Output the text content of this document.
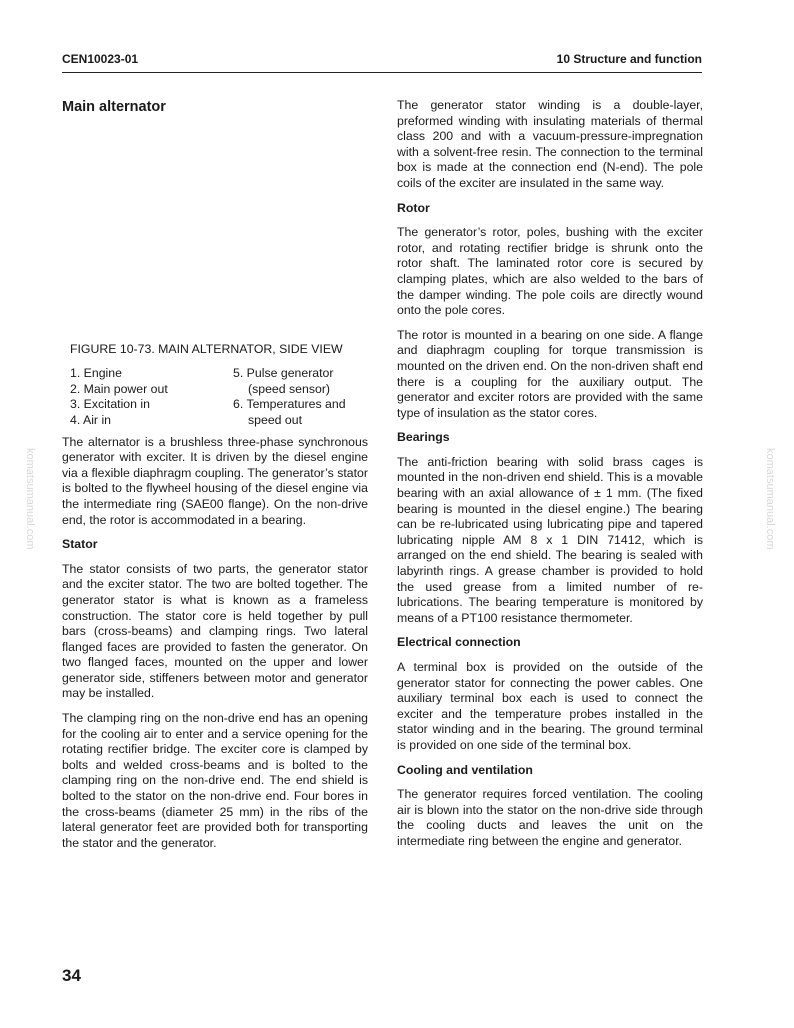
CEN10023-01	10 Structure and function
komatsumanual.com	komatsumanual.com
Main alternator
FIGURE 10-73. MAIN ALTERNATOR, SIDE VIEW
1. Engine	5. Pulse generator
2. Main power out	(speed sensor)
3. Excitation in	6. Temperatures and
4. Air in	speed out

The alternator is a brushless three-phase synchronous generator with exciter. It is driven by the diesel engine via a flexible diaphragm coupling. The generator’s stator is bolted to the flywheel housing of the diesel engine via the intermediate ring (SAE00 flange). On the non-drive end, the rotor is accommodated in a bearing.

Stator

The stator consists of two parts, the generator stator and the exciter stator. The two are bolted together. The generator stator is what is known as a frameless construction. The stator core is held together by pull bars (cross-beams) and clamping rings. Two lateral flanged faces are provided to fasten the generator. On two flanged faces, mounted on the upper and lower generator side, stiffeners between motor and generator may be installed.

The clamping ring on the non-drive end has an opening for the cooling air to enter and a service opening for the rotating rectifier bridge. The exciter core is clamped by bolts and welded cross-beams and is bolted to the clamping ring on the non-drive end. The end shield is bolted to the stator on the non-drive end. Four bores in the cross-beams (diameter 25 mm) in the ribs of the lateral generator feet are provided both for transporting the stator and the generator.

The generator stator winding is a double-layer, preformed winding with insulating materials of thermal class 200 and with a vacuum-pressure-impregnation with a solvent-free resin. The connection to the terminal box is made at the connection end (N-end). The pole coils of the exciter are insulated in the same way.

Rotor

The generator’s rotor, poles, bushing with the exciter rotor, and rotating rectifier bridge is shrunk onto the rotor shaft. The laminated rotor core is secured by clamping plates, which are also welded to the bars of the damper winding. The pole coils are directly wound onto the pole cores.

The rotor is mounted in a bearing on one side. A flange and diaphragm coupling for torque transmission is mounted on the driven end. On the non-driven shaft end there is a coupling for the auxiliary output. The generator and exciter rotors are provided with the same type of insulation as the stator cores.

Bearings

The anti-friction bearing with solid brass cages is mounted in the non-driven end shield. This is a movable bearing with an axial allowance of ± 1 mm. (The fixed bearing is mounted in the diesel engine.) The bearing can be re-lubricated using lubricating pipe and tapered lubricating nipple AM 8 x 1 DIN 71412, which is arranged on the end shield. The bearing is sealed with labyrinth rings. A grease chamber is provided to hold the used grease from a limited number of re-lubrications. The bearing temperature is monitored by means of a PT100 resistance thermometer.

Electrical connection

A terminal box is provided on the outside of the generator stator for connecting the power cables. One auxiliary terminal box each is used to connect the exciter and the temperature probes installed in the stator winding and in the bearing. The ground terminal is provided on one side of the terminal box.

Cooling and ventilation

The generator requires forced ventilation. The cooling air is blown into the stator on the non-drive side through the cooling ducts and leaves the unit on the intermediate ring between the engine and generator.

34
